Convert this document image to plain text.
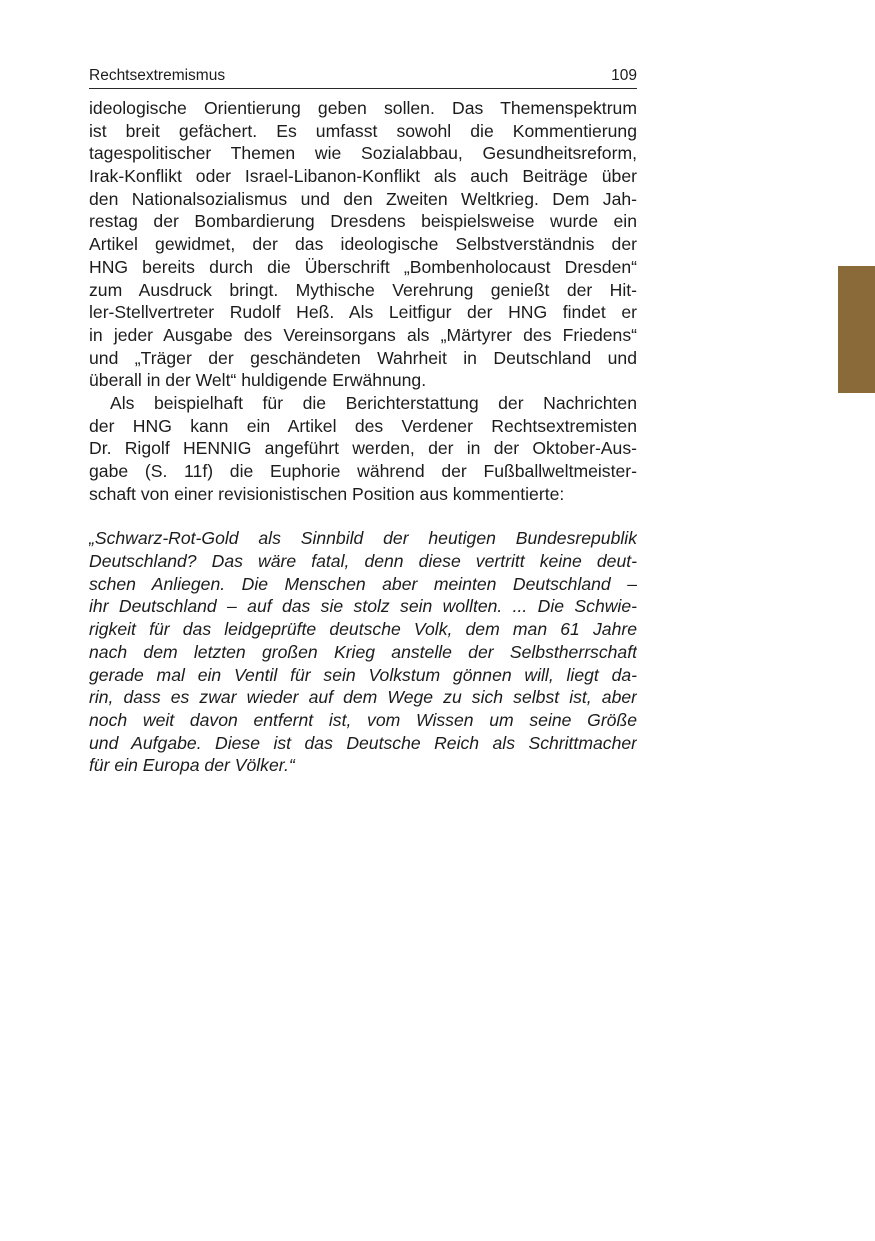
Rechtsextremismus	109
ideologische Orientierung geben sollen. Das Themenspektrum
ist breit gefächert. Es umfasst sowohl die Kommentierung
tagespolitischer Themen wie Sozialabbau, Gesundheitsreform,
Irak-Konflikt oder Israel-Libanon-Konflikt als auch Beiträge über
den Nationalsozialismus und den Zweiten Weltkrieg. Dem Jah-
restag der Bombardierung Dresdens beispielsweise wurde ein
Artikel gewidmet, der das ideologische Selbstverständnis der
HNG bereits durch die Überschrift „Bombenholocaust Dresden“
zum Ausdruck bringt. Mythische Verehrung genießt der Hit-
ler-Stellvertreter Rudolf Heß. Als Leitfigur der HNG findet er
in jeder Ausgabe des Vereinsorgans als „Märtyrer des Friedens“
und „Träger der geschändeten Wahrheit in Deutschland und
überall in der Welt“ huldigende Erwähnung.
Als beispielhaft für die Berichterstattung der Nachrichten
der HNG kann ein Artikel des Verdener Rechtsextremisten
Dr. Rigolf HENNIG angeführt werden, der in der Oktober-Aus-
gabe (S. 11f) die Euphorie während der Fußballweltmeister-
schaft von einer revisionistischen Position aus kommentierte:
„Schwarz-Rot-Gold als Sinnbild der heutigen Bundesrepublik
Deutschland? Das wäre fatal, denn diese vertritt keine deut-
schen Anliegen. Die Menschen aber meinten Deutschland –
ihr Deutschland – auf das sie stolz sein wollten. ... Die Schwie-
rigkeit für das leidgeprüfte deutsche Volk, dem man 61 Jahre
nach dem letzten großen Krieg anstelle der Selbstherrschaft
gerade mal ein Ventil für sein Volkstum gönnen will, liegt da-
rin, dass es zwar wieder auf dem Wege zu sich selbst ist, aber
noch weit davon entfernt ist, vom Wissen um seine Größe
und Aufgabe. Diese ist das Deutsche Reich als Schrittmacher
für ein Europa der Völker.“
